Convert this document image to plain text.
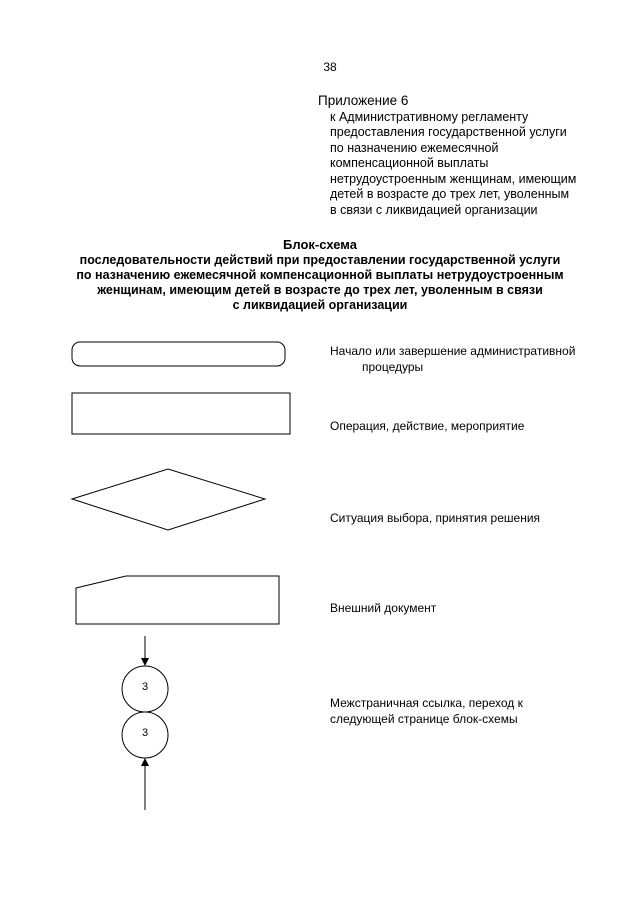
38
Приложение 6
к Административному регламенту
предоставления государственной услуги
по назначению ежемесячной
компенсационной выплаты
нетрудоустроенным женщинам, имеющим
детей в возрасте до трех лет, уволенным
в связи с ликвидацией организации
Блок-схема
последовательности действий при предоставлении государственной услуги
по назначению ежемесячной компенсационной выплаты нетрудоустроенным
женщинам, имеющим детей в возрасте до трех лет, уволенным в связи
с ликвидацией организации
Начало или завершение административной
процедуры
Операция, действие, мероприятие
Ситуация выбора, принятия решения
Внешний документ
3
3
Межстраничная ссылка, переход к
следующей странице блок-схемы
